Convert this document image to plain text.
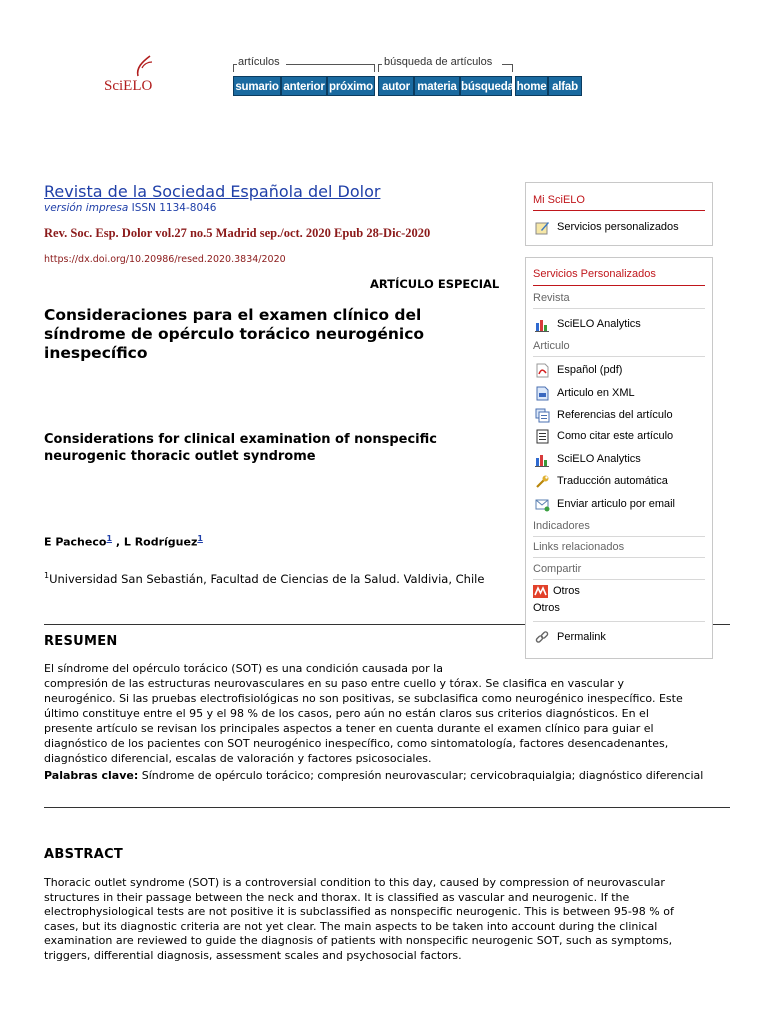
SciELO
artículos	búsqueda de artículos
sumario anterior próximo autor materia búsqueda home alfab
Revista de la Sociedad Española del Dolor
versión impresa ISSN 1134-8046
Rev. Soc. Esp. Dolor vol.27 no.5 Madrid sep./oct. 2020 Epub 28-Dic-2020
https://dx.doi.org/10.20986/resed.2020.3834/2020
ARTÍCULO ESPECIAL
Consideraciones para el examen clínico del síndrome de opérculo torácico neurogénico inespecífico
Considerations for clinical examination of nonspecific neurogenic thoracic outlet syndrome
E Pacheco$^1$ , L Rodríguez$^1$
$^1$Universidad San Sebastián, Facultad de Ciencias de la Salud. Valdivia, Chile
RESUMEN
El síndrome del opérculo torácico (SOT) es una condición causada por la
compresión de las estructuras neurovasculares en su paso entre cuello y tórax. Se clasifica en vascular y
neurogénico. Si las pruebas electrofisiológicas no son positivas, se subclasifica como neurogénico inespecífico. Este
último constituye entre el 95 y el 98 % de los casos, pero aún no están claros sus criterios diagnósticos. En el
presente artículo se revisan los principales aspectos a tener en cuenta durante el examen clínico para guiar el
diagnóstico de los pacientes con SOT neurogénico inespecífico, como sintomatología, factores desencadenantes,
diagnóstico diferencial, escalas de valoración y factores psicosociales.
Palabras clave: Síndrome de opérculo torácico; compresión neurovascular; cervicobraquialgia; diagnóstico diferencial
ABSTRACT
Thoracic outlet syndrome (SOT) is a controversial condition to this day, caused by compression of neurovascular
structures in their passage between the neck and thorax. It is classified as vascular and neurogenic. If the
electrophysiological tests are not positive it is subclassified as nonspecific neurogenic. This is between 95-98 % of
cases, but its diagnostic criteria are not yet clear. The main aspects to be taken into account during the clinical
examination are reviewed to guide the diagnosis of patients with nonspecific neurogenic SOT, such as symptoms,
triggers, differential diagnosis, assessment scales and psychosocial factors.
Mi SciELO
Servicios personalizados
Servicios Personalizados
Revista
SciELO Analytics
Articulo
Español (pdf)
Articulo en XML
Referencias del artículo
Como citar este artículo
SciELO Analytics
Traducción automática
Enviar articulo por email
Indicadores
Links relacionados
Compartir
Otros
Otros
Permalink
